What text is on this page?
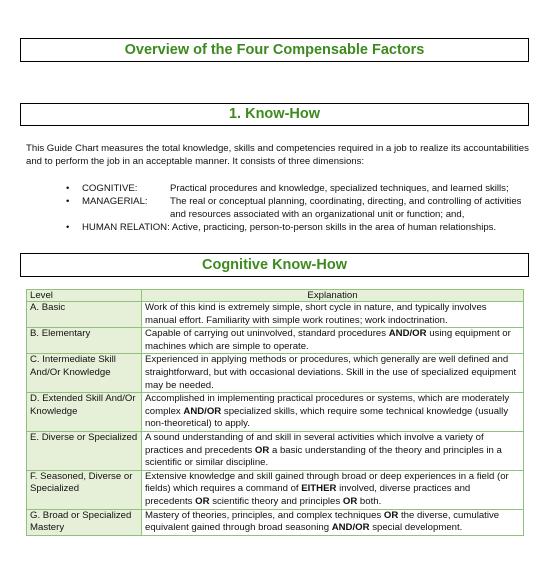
Overview of the Four Compensable Factors
1. Know-How
This Guide Chart measures the total knowledge, skills and competencies required in a job to realize its accountabilities and to perform the job in an acceptable manner. It consists of three dimensions:
•	COGNITIVE:	Practical procedures and knowledge, specialized techniques, and learned skills;
•	MANAGERIAL:	The real or conceptual planning, coordinating, directing, and controlling of activities and resources associated with an organizational unit or function; and,
•	HUMAN RELATION: Active, practicing, person-to-person skills in the area of human relationships.
Cognitive Know-How
Level	Explanation
A. Basic	Work of this kind is extremely simple, short cycle in nature, and typically involves manual effort. Familiarity with simple work routines; work indoctrination.
B. Elementary	Capable of carrying out uninvolved, standard procedures AND/OR using equipment or machines which are simple to operate.
C. Intermediate Skill And/Or Knowledge	Experienced in applying methods or procedures, which generally are well defined and straightforward, but with occasional deviations. Skill in the use of specialized equipment may be needed.
D. Extended Skill And/Or Knowledge	Accomplished in implementing practical procedures or systems, which are moderately complex AND/OR specialized skills, which require some technical knowledge (usually non-theoretical) to apply.
E. Diverse or Specialized	A sound understanding of and skill in several activities which involve a variety of practices and precedents OR a basic understanding of the theory and principles in a scientific or similar discipline.
F. Seasoned, Diverse or Specialized	Extensive knowledge and skill gained through broad or deep experiences in a field (or fields) which requires a command of EITHER involved, diverse practices and precedents OR scientific theory and principles OR both.
G. Broad or Specialized Mastery	Mastery of theories, principles, and complex techniques OR the diverse, cumulative equivalent gained through broad seasoning AND/OR special development.
